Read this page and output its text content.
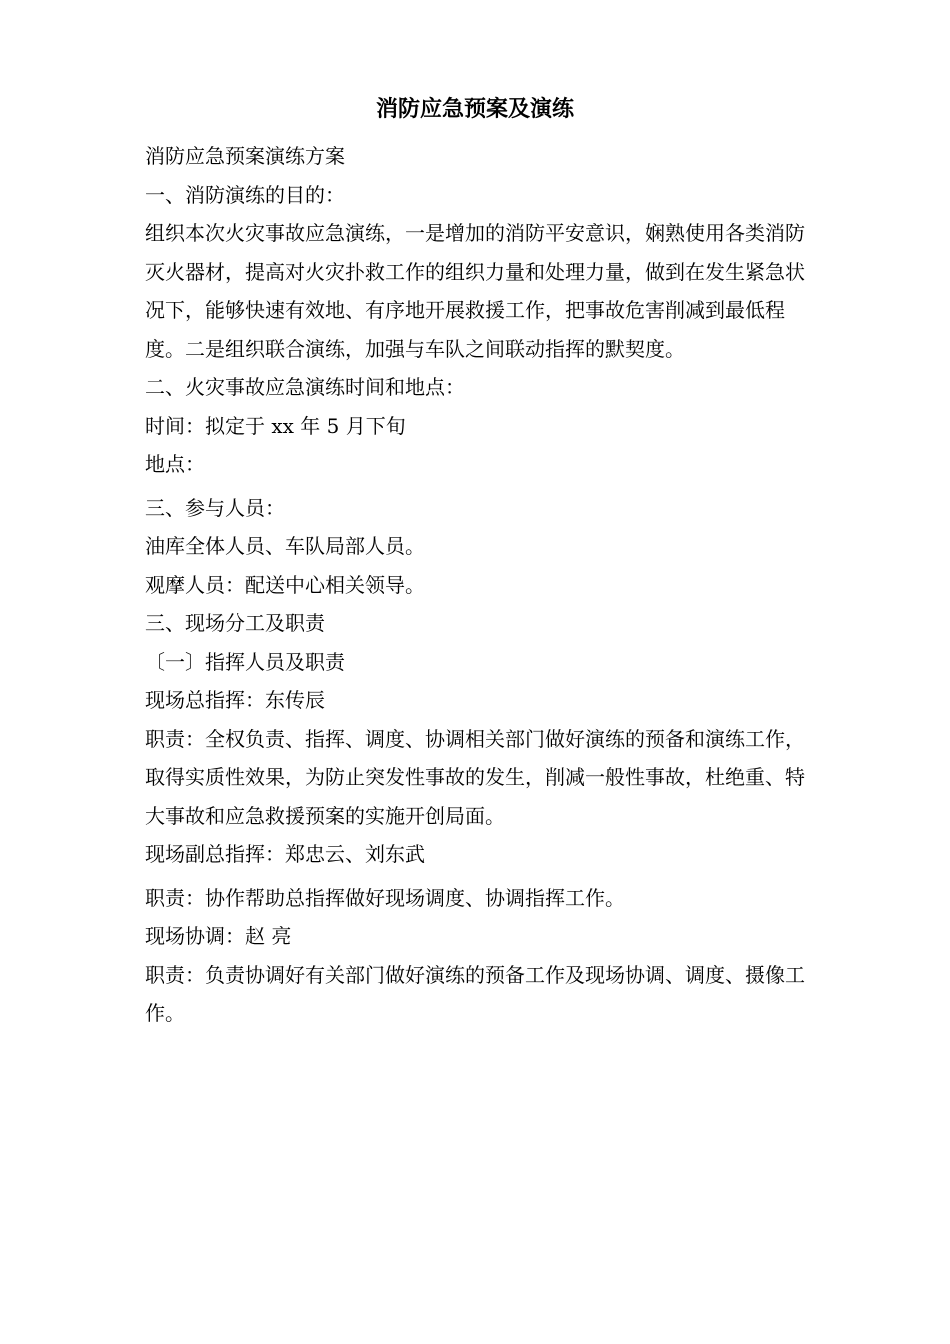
消防应急预案及演练

消防应急预案演练方案

一、消防演练的目的：

组织本次火灾事故应急演练，一是增加的消防平安意识，娴熟使用各类消防灭火器材，提高对火灾扑救工作的组织力量和处理力量，做到在发生紧急状况下，能够快速有效地、有序地开展救援工作，把事故危害削减到最低程度。二是组织联合演练，加强与车队之间联动指挥的默契度。

二、火灾事故应急演练时间和地点：

时间：拟定于 xx 年 5 月下旬

地点：

三、参与人员：

油库全体人员、车队局部人员。

观摩人员：配送中心相关领导。

三、现场分工及职责

〔一〕指挥人员及职责

现场总指挥：东传辰

职责：全权负责、指挥、调度、协调相关部门做好演练的预备和演练工作，取得实质性效果，为防止突发性事故的发生，削减一般性事故，杜绝重、特大事故和应急救援预案的实施开创局面。

现场副总指挥：郑忠云、刘东武

职责：协作帮助总指挥做好现场调度、协调指挥工作。

现场协调：赵 亮

职责：负责协调好有关部门做好演练的预备工作及现场协调、调度、摄像工作。
